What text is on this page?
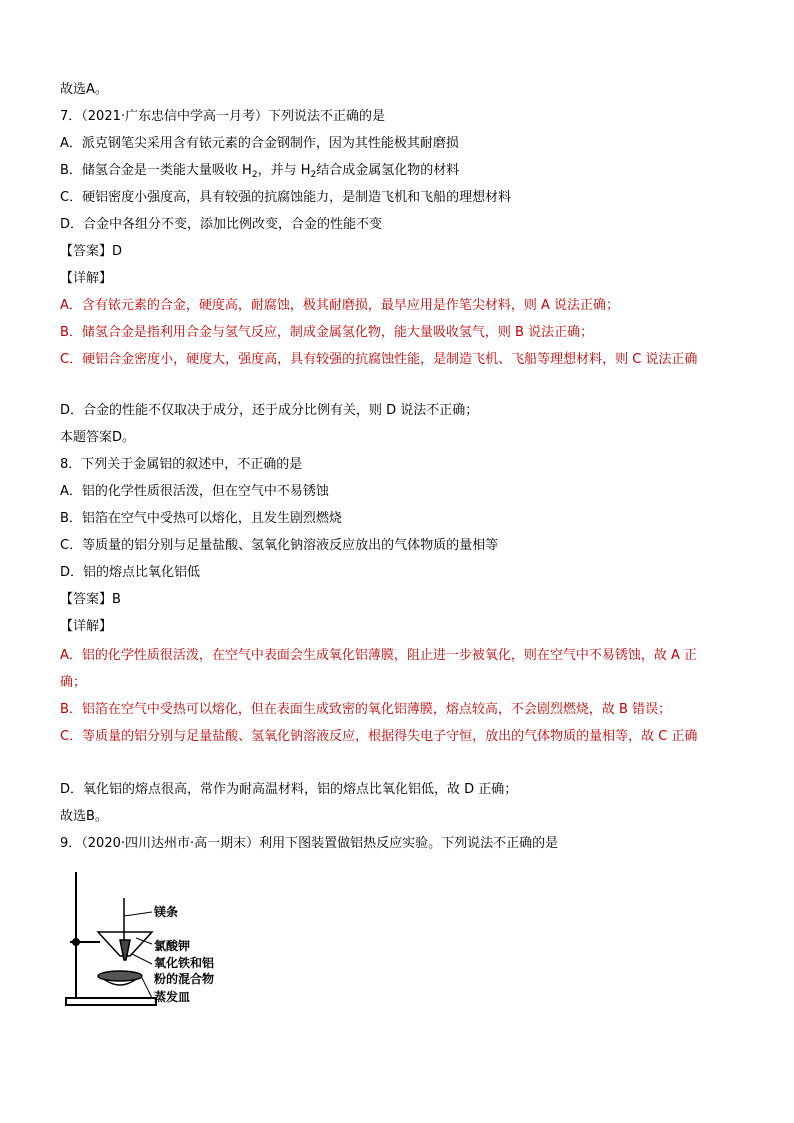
故选A。
7．（2021·广东忠信中学高一月考）下列说法不正确的是
A．派克钢笔尖采用含有铱元素的合金钢制作，因为其性能极其耐磨损
B．储氢合金是一类能大量吸收 $H_2$，并与 $H_2$结合成金属氢化物的材料
C．硬铝密度小强度高，具有较强的抗腐蚀能力，是制造飞机和飞船的理想材料
D．合金中各组分不变，添加比例改变，合金的性能不变
【答案】D
【详解】
A．含有铱元素的合金，硬度高，耐腐蚀，极其耐磨损，最早应用是作笔尖材料，则 A 说法正确；
B．储氢合金是指利用合金与氢气反应，制成金属氢化物，能大量吸收氢气，则 B 说法正确；
C．硬铝合金密度小，硬度大，强度高，具有较强的抗腐蚀性能，是制造飞机、飞船等理想材料，则 C 说法正确
D．合金的性能不仅取决于成分，还于成分比例有关，则 D 说法不正确；
本题答案D。
8．下列关于金属铝的叙述中，不正确的是
A．铝的化学性质很活泼，但在空气中不易锈蚀
B．铝箔在空气中受热可以熔化，且发生剧烈燃烧
C．等质量的铝分别与足量盐酸、氢氧化钠溶液反应放出的气体物质的量相等
D．铝的熔点比氧化铝低
【答案】B
【详解】
A．铝的化学性质很活泼，在空气中表面会生成氧化铝薄膜，阻止进一步被氧化，则在空气中不易锈蚀，故 A 正
确；
B．铝箔在空气中受热可以熔化，但在表面生成致密的氧化铝薄膜，熔点较高，不会剧烈燃烧，故 B 错误；
C．等质量的铝分别与足量盐酸、氢氧化钠溶液反应，根据得失电子守恒，放出的气体物质的量相等，故 C 正确
D．氧化铝的熔点很高，常作为耐高温材料，铝的熔点比氧化铝低，故 D 正确；
故选B。
9．（2020·四川达州市·高一期末）利用下图装置做铝热反应实验。下列说法不正确的是
镁条
氯酸钾
氧化铁和铝
粉的混合物
蒸发皿
